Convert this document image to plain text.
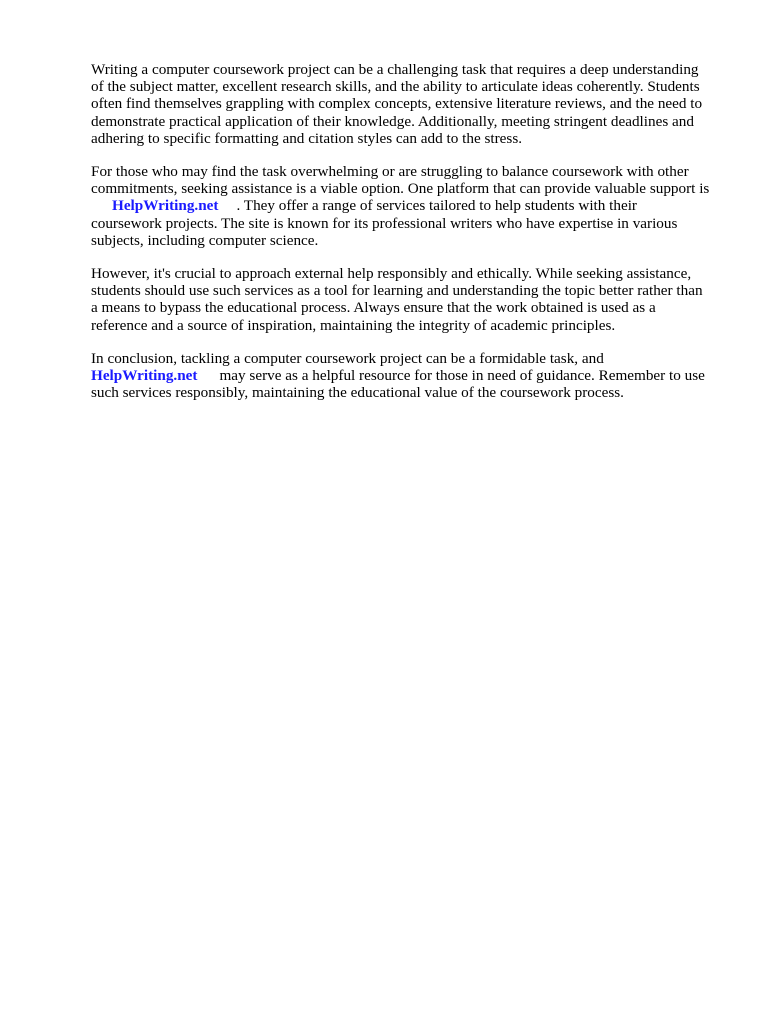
Writing a computer coursework project can be a challenging task that requires a deep understanding
of the subject matter, excellent research skills, and the ability to articulate ideas coherently. Students
often find themselves grappling with complex concepts, extensive literature reviews, and the need to
demonstrate practical application of their knowledge. Additionally, meeting stringent deadlines and
adhering to specific formatting and citation styles can add to the stress.

For those who may find the task overwhelming or are struggling to balance coursework with other
commitments, seeking assistance is a viable option. One platform that can provide valuable support is
HelpWriting.net . They offer a range of services tailored to help students with their
coursework projects. The site is known for its professional writers who have expertise in various
subjects, including computer science.

However, it's crucial to approach external help responsibly and ethically. While seeking assistance,
students should use such services as a tool for learning and understanding the topic better rather than
a means to bypass the educational process. Always ensure that the work obtained is used as a
reference and a source of inspiration, maintaining the integrity of academic principles.

In conclusion, tackling a computer coursework project can be a formidable task, and
HelpWriting.net may serve as a helpful resource for those in need of guidance. Remember to use
such services responsibly, maintaining the educational value of the coursework process.
